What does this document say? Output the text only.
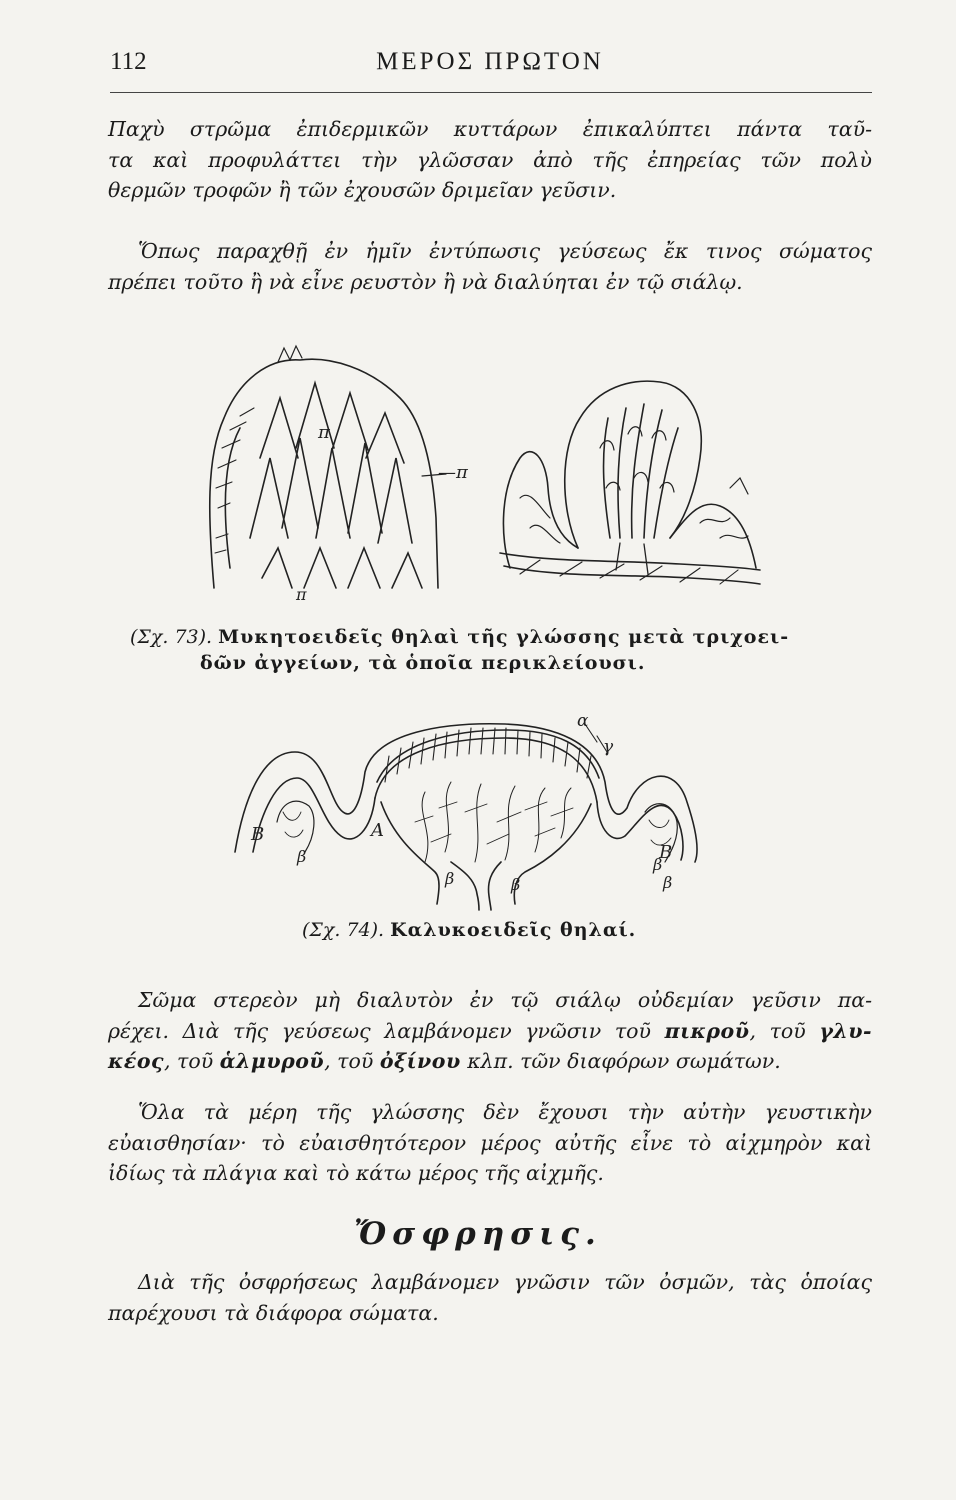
112	ΜΕΡΟΣ ΠΡΩΤΟΝ
Παχὺ στρῶμα ἐπιδερμικῶν κυττάρων ἐπικαλύπτει πάντα ταῦ-
τα καὶ προφυλάττει τὴν γλῶσσαν ἀπὸ τῆς ἐπηρείας τῶν πολὺ
θερμῶν τροφῶν ἢ τῶν ἐχουσῶν δριμεῖαν γεῦσιν.
Ὅπως παραχθῇ ἐν ἡμῖν ἐντύπωσις γεύσεως ἔκ τινος σώματος
πρέπει τοῦτο ἢ νὰ εἶνε ρευστὸν ἢ νὰ διαλύηται ἐν τῷ σιάλῳ.
π
—π
π
(Σχ. 73). Μυκητοειδεῖς θηλαὶ τῆς γλώσσης μετὰ τριχοει-
δῶν ἀγγείων, τὰ ὁποῖα περικλείουσι.
α
γ
A
B
B
β
β	β
β
β
(Σχ. 74). Καλυκοειδεῖς θηλαί.
Σῶμα στερεὸν μὴ διαλυτὸν ἐν τῷ σιάλῳ οὐδεμίαν γεῦσιν πα-
ρέχει. Διὰ τῆς γεύσεως λαμβάνομεν γνῶσιν τοῦ πικροῦ, τοῦ γλυ-
κέος, τοῦ ἁλμυροῦ, τοῦ ὀξίνου κλπ. τῶν διαφόρων σωμάτων.
Ὅλα τὰ μέρη τῆς γλώσσης δὲν ἔχουσι τὴν αὐτὴν γευστικὴν
εὐαισθησίαν· τὸ εὐαισθητότερον μέρος αὐτῆς εἶνε τὸ αἰχμηρὸν καὶ
ἰδίως τὰ πλάγια καὶ τὸ κάτω μέρος τῆς αἰχμῆς.
Ὄσφρησις.
Διὰ τῆς ὀσφρήσεως λαμβάνομεν γνῶσιν τῶν ὀσμῶν, τὰς ὁποίας
παρέχουσι τὰ διάφορα σώματα.
